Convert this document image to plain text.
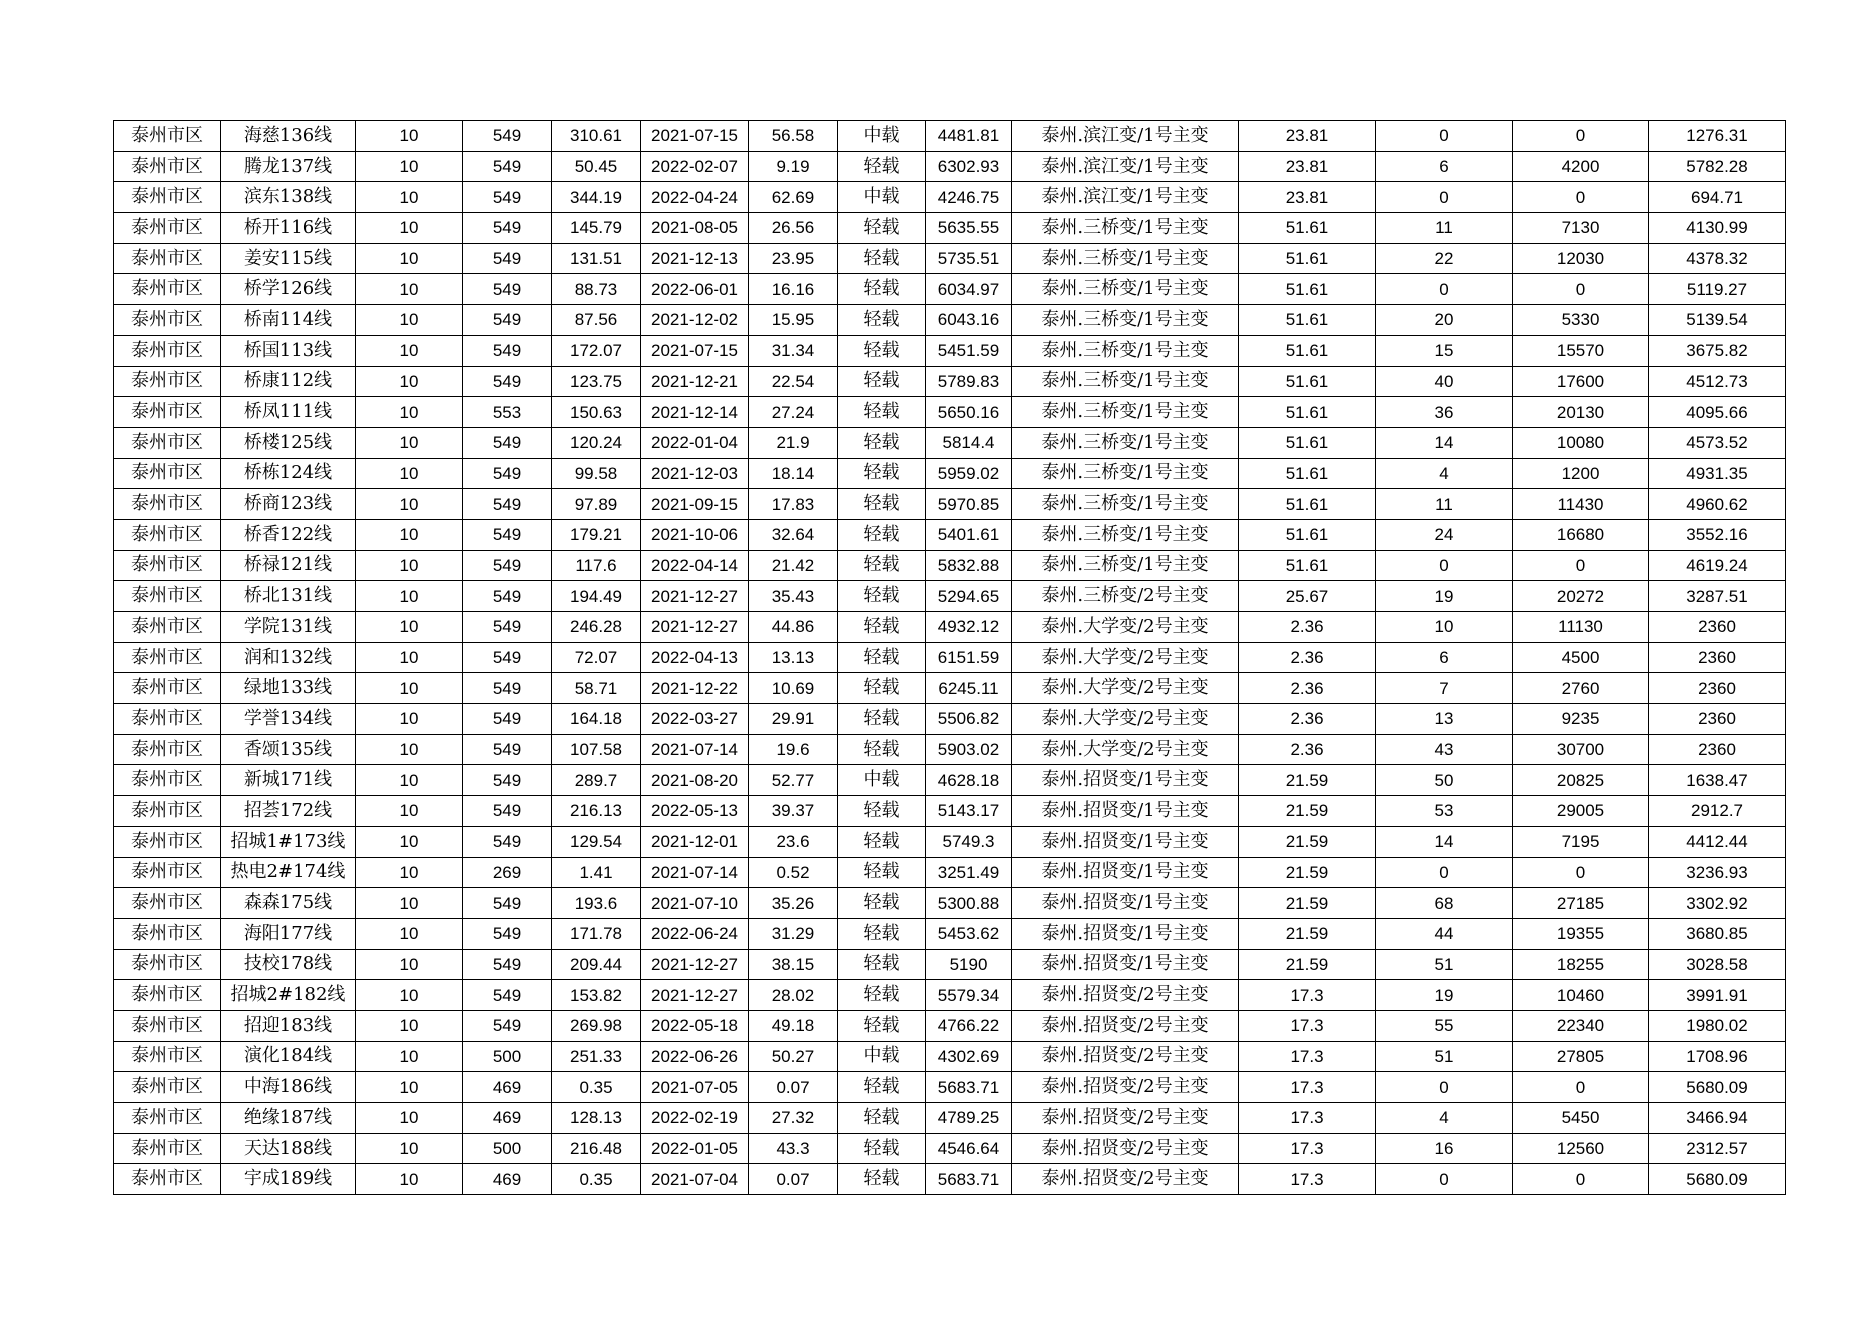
泰州市区	海慈136线	10	549	310.61	2021-07-15	56.58	中载	4481.81	泰州.滨江变/1号主变	23.81	0	0	1276.31
泰州市区	腾龙137线	10	549	50.45	2022-02-07	9.19	轻载	6302.93	泰州.滨江变/1号主变	23.81	6	4200	5782.28
泰州市区	滨东138线	10	549	344.19	2022-04-24	62.69	中载	4246.75	泰州.滨江变/1号主变	23.81	0	0	694.71
泰州市区	桥开116线	10	549	145.79	2021-08-05	26.56	轻载	5635.55	泰州.三桥变/1号主变	51.61	11	7130	4130.99
泰州市区	姜安115线	10	549	131.51	2021-12-13	23.95	轻载	5735.51	泰州.三桥变/1号主变	51.61	22	12030	4378.32
泰州市区	桥学126线	10	549	88.73	2022-06-01	16.16	轻载	6034.97	泰州.三桥变/1号主变	51.61	0	0	5119.27
泰州市区	桥南114线	10	549	87.56	2021-12-02	15.95	轻载	6043.16	泰州.三桥变/1号主变	51.61	20	5330	5139.54
泰州市区	桥国113线	10	549	172.07	2021-07-15	31.34	轻载	5451.59	泰州.三桥变/1号主变	51.61	15	15570	3675.82
泰州市区	桥康112线	10	549	123.75	2021-12-21	22.54	轻载	5789.83	泰州.三桥变/1号主变	51.61	40	17600	4512.73
泰州市区	桥凤111线	10	553	150.63	2021-12-14	27.24	轻载	5650.16	泰州.三桥变/1号主变	51.61	36	20130	4095.66
泰州市区	桥楼125线	10	549	120.24	2022-01-04	21.9	轻载	5814.4	泰州.三桥变/1号主变	51.61	14	10080	4573.52
泰州市区	桥栋124线	10	549	99.58	2021-12-03	18.14	轻载	5959.02	泰州.三桥变/1号主变	51.61	4	1200	4931.35
泰州市区	桥商123线	10	549	97.89	2021-09-15	17.83	轻载	5970.85	泰州.三桥变/1号主变	51.61	11	11430	4960.62
泰州市区	桥香122线	10	549	179.21	2021-10-06	32.64	轻载	5401.61	泰州.三桥变/1号主变	51.61	24	16680	3552.16
泰州市区	桥禄121线	10	549	117.6	2022-04-14	21.42	轻载	5832.88	泰州.三桥变/1号主变	51.61	0	0	4619.24
泰州市区	桥北131线	10	549	194.49	2021-12-27	35.43	轻载	5294.65	泰州.三桥变/2号主变	25.67	19	20272	3287.51
泰州市区	学院131线	10	549	246.28	2021-12-27	44.86	轻载	4932.12	泰州.大学变/2号主变	2.36	10	11130	2360
泰州市区	润和132线	10	549	72.07	2022-04-13	13.13	轻载	6151.59	泰州.大学变/2号主变	2.36	6	4500	2360
泰州市区	绿地133线	10	549	58.71	2021-12-22	10.69	轻载	6245.11	泰州.大学变/2号主变	2.36	7	2760	2360
泰州市区	学誉134线	10	549	164.18	2022-03-27	29.91	轻载	5506.82	泰州.大学变/2号主变	2.36	13	9235	2360
泰州市区	香颂135线	10	549	107.58	2021-07-14	19.6	轻载	5903.02	泰州.大学变/2号主变	2.36	43	30700	2360
泰州市区	新城171线	10	549	289.7	2021-08-20	52.77	中载	4628.18	泰州.招贤变/1号主变	21.59	50	20825	1638.47
泰州市区	招荟172线	10	549	216.13	2022-05-13	39.37	轻载	5143.17	泰州.招贤变/1号主变	21.59	53	29005	2912.7
泰州市区	招城1#173线	10	549	129.54	2021-12-01	23.6	轻载	5749.3	泰州.招贤变/1号主变	21.59	14	7195	4412.44
泰州市区	热电2#174线	10	269	1.41	2021-07-14	0.52	轻载	3251.49	泰州.招贤变/1号主变	21.59	0	0	3236.93
泰州市区	森森175线	10	549	193.6	2021-07-10	35.26	轻载	5300.88	泰州.招贤变/1号主变	21.59	68	27185	3302.92
泰州市区	海阳177线	10	549	171.78	2022-06-24	31.29	轻载	5453.62	泰州.招贤变/1号主变	21.59	44	19355	3680.85
泰州市区	技校178线	10	549	209.44	2021-12-27	38.15	轻载	5190	泰州.招贤变/1号主变	21.59	51	18255	3028.58
泰州市区	招城2#182线	10	549	153.82	2021-12-27	28.02	轻载	5579.34	泰州.招贤变/2号主变	17.3	19	10460	3991.91
泰州市区	招迎183线	10	549	269.98	2022-05-18	49.18	轻载	4766.22	泰州.招贤变/2号主变	17.3	55	22340	1980.02
泰州市区	演化184线	10	500	251.33	2022-06-26	50.27	中载	4302.69	泰州.招贤变/2号主变	17.3	51	27805	1708.96
泰州市区	中海186线	10	469	0.35	2021-07-05	0.07	轻载	5683.71	泰州.招贤变/2号主变	17.3	0	0	5680.09
泰州市区	绝缘187线	10	469	128.13	2022-02-19	27.32	轻载	4789.25	泰州.招贤变/2号主变	17.3	4	5450	3466.94
泰州市区	天达188线	10	500	216.48	2022-01-05	43.3	轻载	4546.64	泰州.招贤变/2号主变	17.3	16	12560	2312.57
泰州市区	宇成189线	10	469	0.35	2021-07-04	0.07	轻载	5683.71	泰州.招贤变/2号主变	17.3	0	0	5680.09
